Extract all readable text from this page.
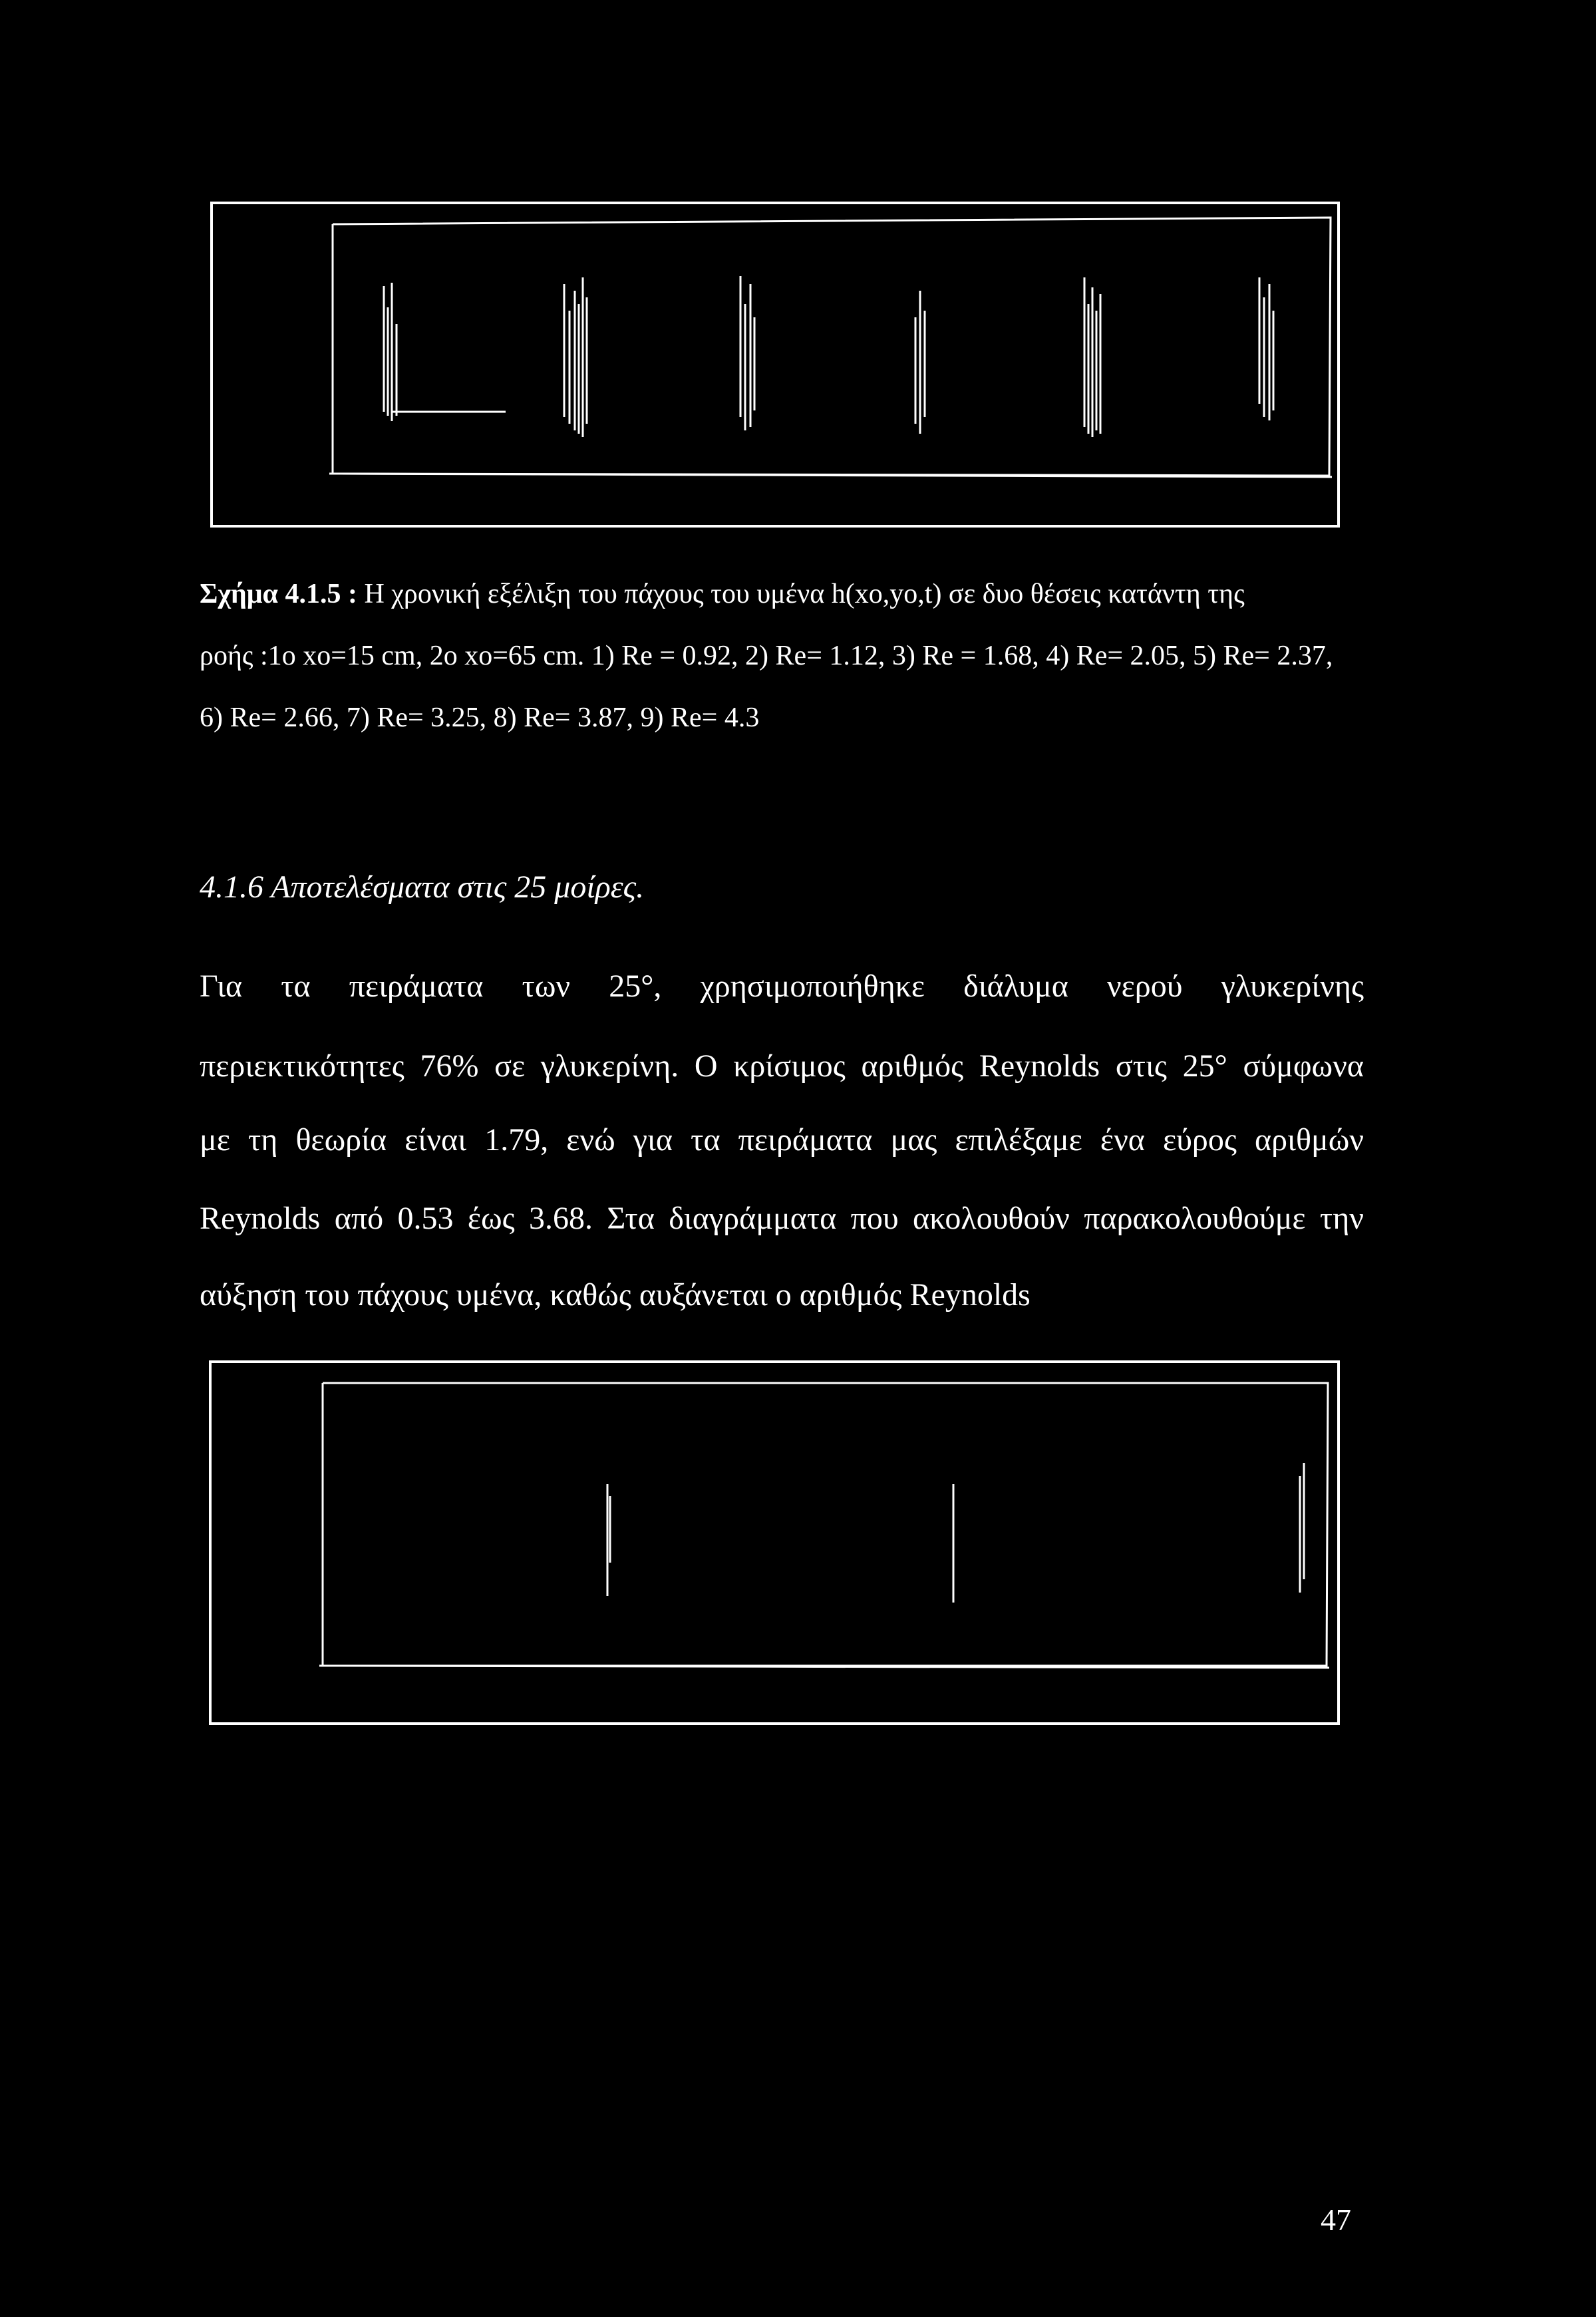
Σχήμα 4.1.5 : Η χρονική εξέλιξη του πάχους του υμένα h(xo,yo,t) σε δυο θέσεις κατάντη της
ροής :1o xo=15 cm, 2o xo=65 cm. 1) Re = 0.92, 2) Re= 1.12, 3) Re = 1.68, 4) Re= 2.05, 5) Re= 2.37,
6) Re= 2.66, 7) Re= 3.25, 8) Re= 3.87, 9) Re= 4.3
4.1.6 Αποτελέσματα στις 25 μοίρες.
Για τα πειράματα των 25°, χρησιμοποιήθηκε διάλυμα νερού γλυκερίνης
περιεκτικότητες 76% σε γλυκερίνη. Ο κρίσιμος αριθμός Reynolds στις 25° σύμφωνα
με τη θεωρία είναι 1.79, ενώ για τα πειράματα μας επιλέξαμε ένα εύρος αριθμών
Reynolds από 0.53 έως 3.68. Στα διαγράμματα που ακολουθούν παρακολουθούμε την
αύξηση του πάχους υμένα, καθώς αυξάνεται ο αριθμός Reynolds
47
